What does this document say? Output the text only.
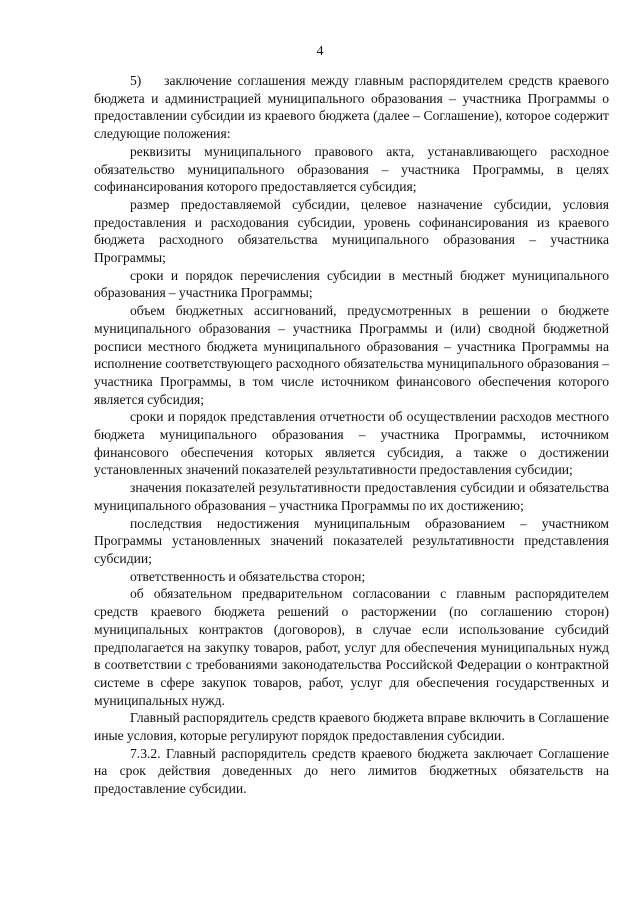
4

5)    заключение соглашения между главным распорядителем средств краевого бюджета и администрацией муниципального образования – участника Программы о предоставлении субсидии из краевого бюджета (далее – Соглашение), которое содержит следующие положения:

реквизиты муниципального правового акта, устанавливающего расходное обязательство муниципального образования – участника Программы, в целях софинансирования которого предоставляется субсидия;

размер предоставляемой субсидии, целевое назначение субсидии, условия предоставления и расходования субсидии, уровень софинансирования из краевого бюджета расходного обязательства муниципального образования – участника Программы;

сроки и порядок перечисления субсидии в местный бюджет муниципального образования – участника Программы;

объем бюджетных ассигнований, предусмотренных в решении о бюджете муниципального образования – участника Программы и (или) сводной бюджетной росписи местного бюджета муниципального образования – участника Программы на исполнение соответствующего расходного обязательства муниципального образования – участника Программы, в том числе источником финансового обеспечения которого является субсидия;

сроки и порядок представления отчетности об осуществлении расходов местного бюджета муниципального образования – участника Программы, источником финансового обеспечения которых является субсидия, а также о достижении установленных значений показателей результативности предоставления субсидии;

значения показателей результативности предоставления субсидии и обязательства муниципального образования – участника Программы по их достижению;

последствия недостижения муниципальным образованием – участником Программы установленных значений показателей результативности представления субсидии;

ответственность и обязательства сторон;

об обязательном предварительном согласовании с главным распорядителем средств краевого бюджета решений о расторжении (по соглашению сторон) муниципальных контрактов (договоров), в случае если использование субсидий предполагается на закупку товаров, работ, услуг для обеспечения муниципальных нужд в соответствии с требованиями законодательства Российской Федерации о контрактной системе в сфере закупок товаров, работ, услуг для обеспечения государственных и муниципальных нужд.

Главный распорядитель средств краевого бюджета вправе включить в Соглашение иные условия, которые регулируют порядок предоставления субсидии.

7.3.2. Главный распорядитель средств краевого бюджета заключает Соглашение на срок действия доведенных до него лимитов бюджетных обязательств на предоставление субсидии.
